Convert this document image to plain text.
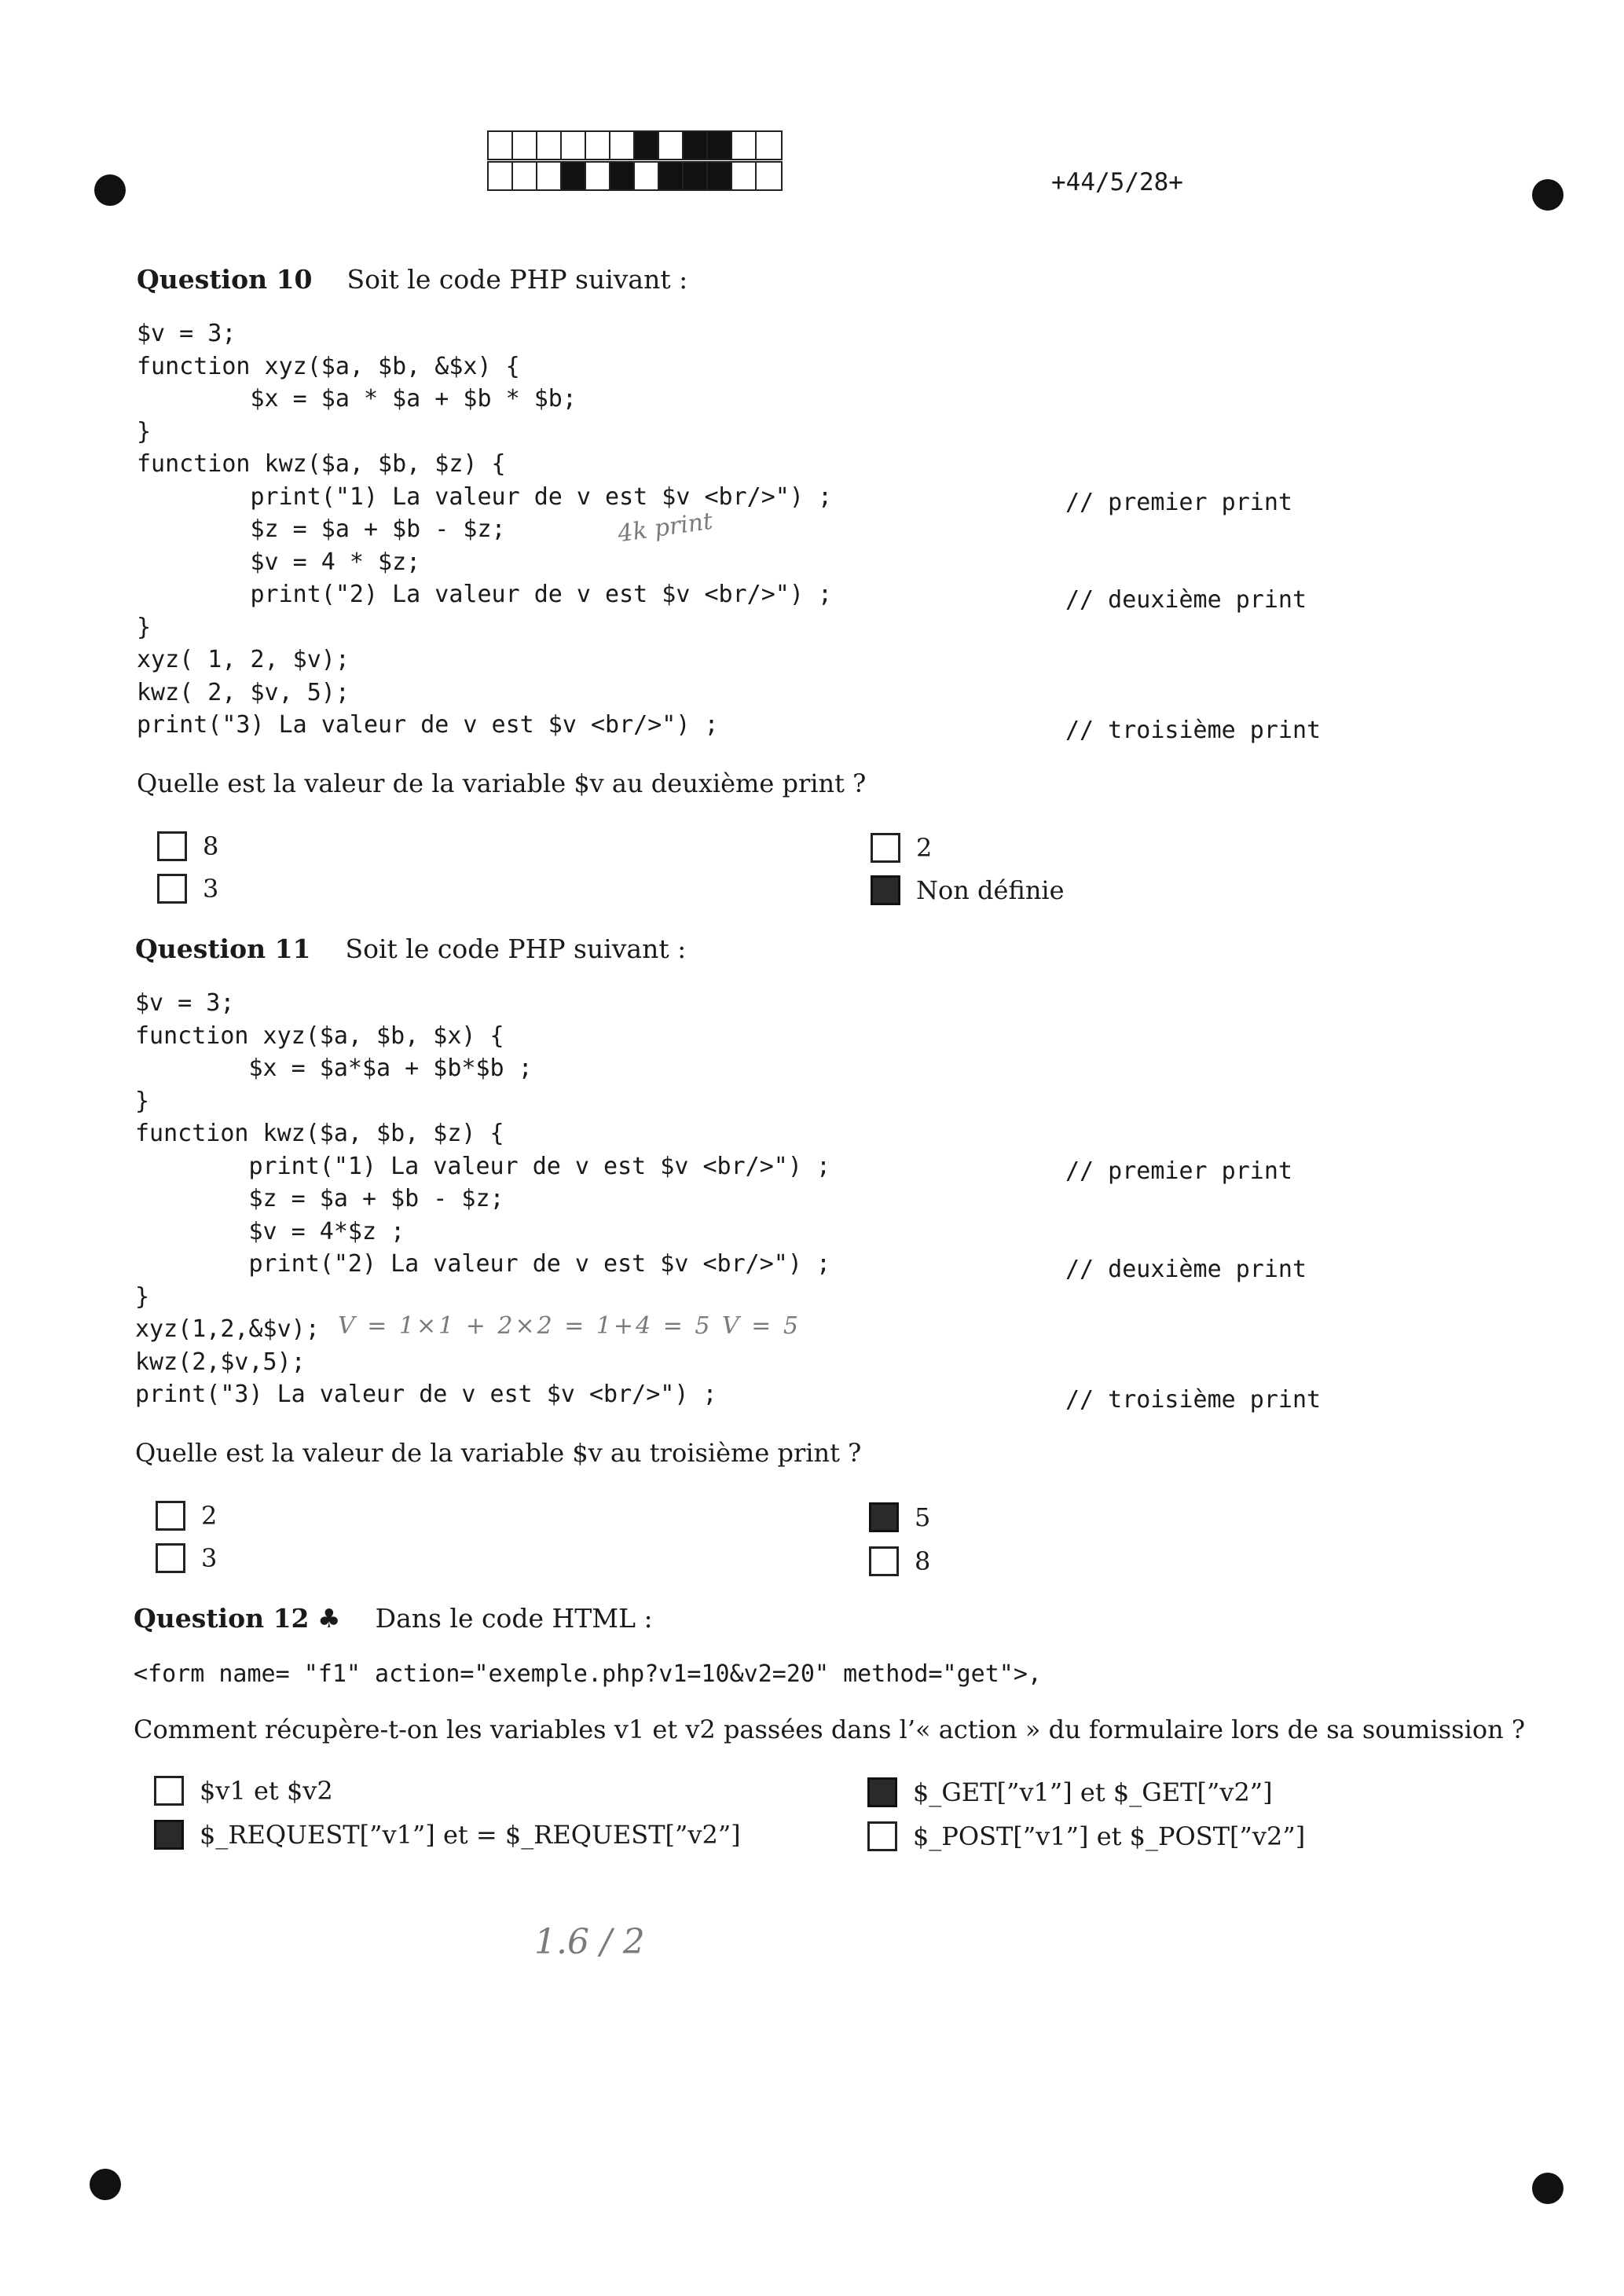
+44/5/28+
Question 10 Soit le code PHP suivant :
$v = 3;
function xyz($a, $b, &$x) {
$x = $a * $a + $b * $b;
}
function kwz($a, $b, $z) {
print("1) La valeur de v est $v <br/>") ;
$z = $a + $b - $z;
$v = 4 * $z;
print("2) La valeur de v est $v <br/>") ;
}
xyz( 1, 2, $v);
kwz( 2, $v, 5);
print("3) La valeur de v est $v <br/>") ;
// premier print
// deuxième print
// troisième print
4k print
Quelle est la valeur de la variable $v au deuxième print ?
8
3
2
Non définie
Question 11 Soit le code PHP suivant :
$v = 3;
function xyz($a, $b, $x) {
$x = $a*$a + $b*$b ;
}
function kwz($a, $b, $z) {
print("1) La valeur de v est $v <br/>") ;
$z = $a + $b - $z;
$v = 4*$z ;
print("2) La valeur de v est $v <br/>") ;
}
xyz(1,2,&$v);
kwz(2,$v,5);
print("3) La valeur de v est $v <br/>") ;
// premier print
// deuxième print
// troisième print
V = 1×1 + 2×2 = 1+4 = 5 V = 5
Quelle est la valeur de la variable $v au troisième print ?
2
3
5
8
Question 12 ♣ Dans le code HTML :
<form name= "f1" action="exemple.php?v1=10&v2=20" method="get">,
Comment récupère-t-on les variables v1 et v2 passées dans l’« action » du formulaire lors de sa soumission ?
$v1 et $v2
$_REQUEST[”v1”] et = $_REQUEST[”v2”]
$_GET[”v1”] et $_GET[”v2”]
$_POST[”v1”] et $_POST[”v2”]
1.6 / 2
